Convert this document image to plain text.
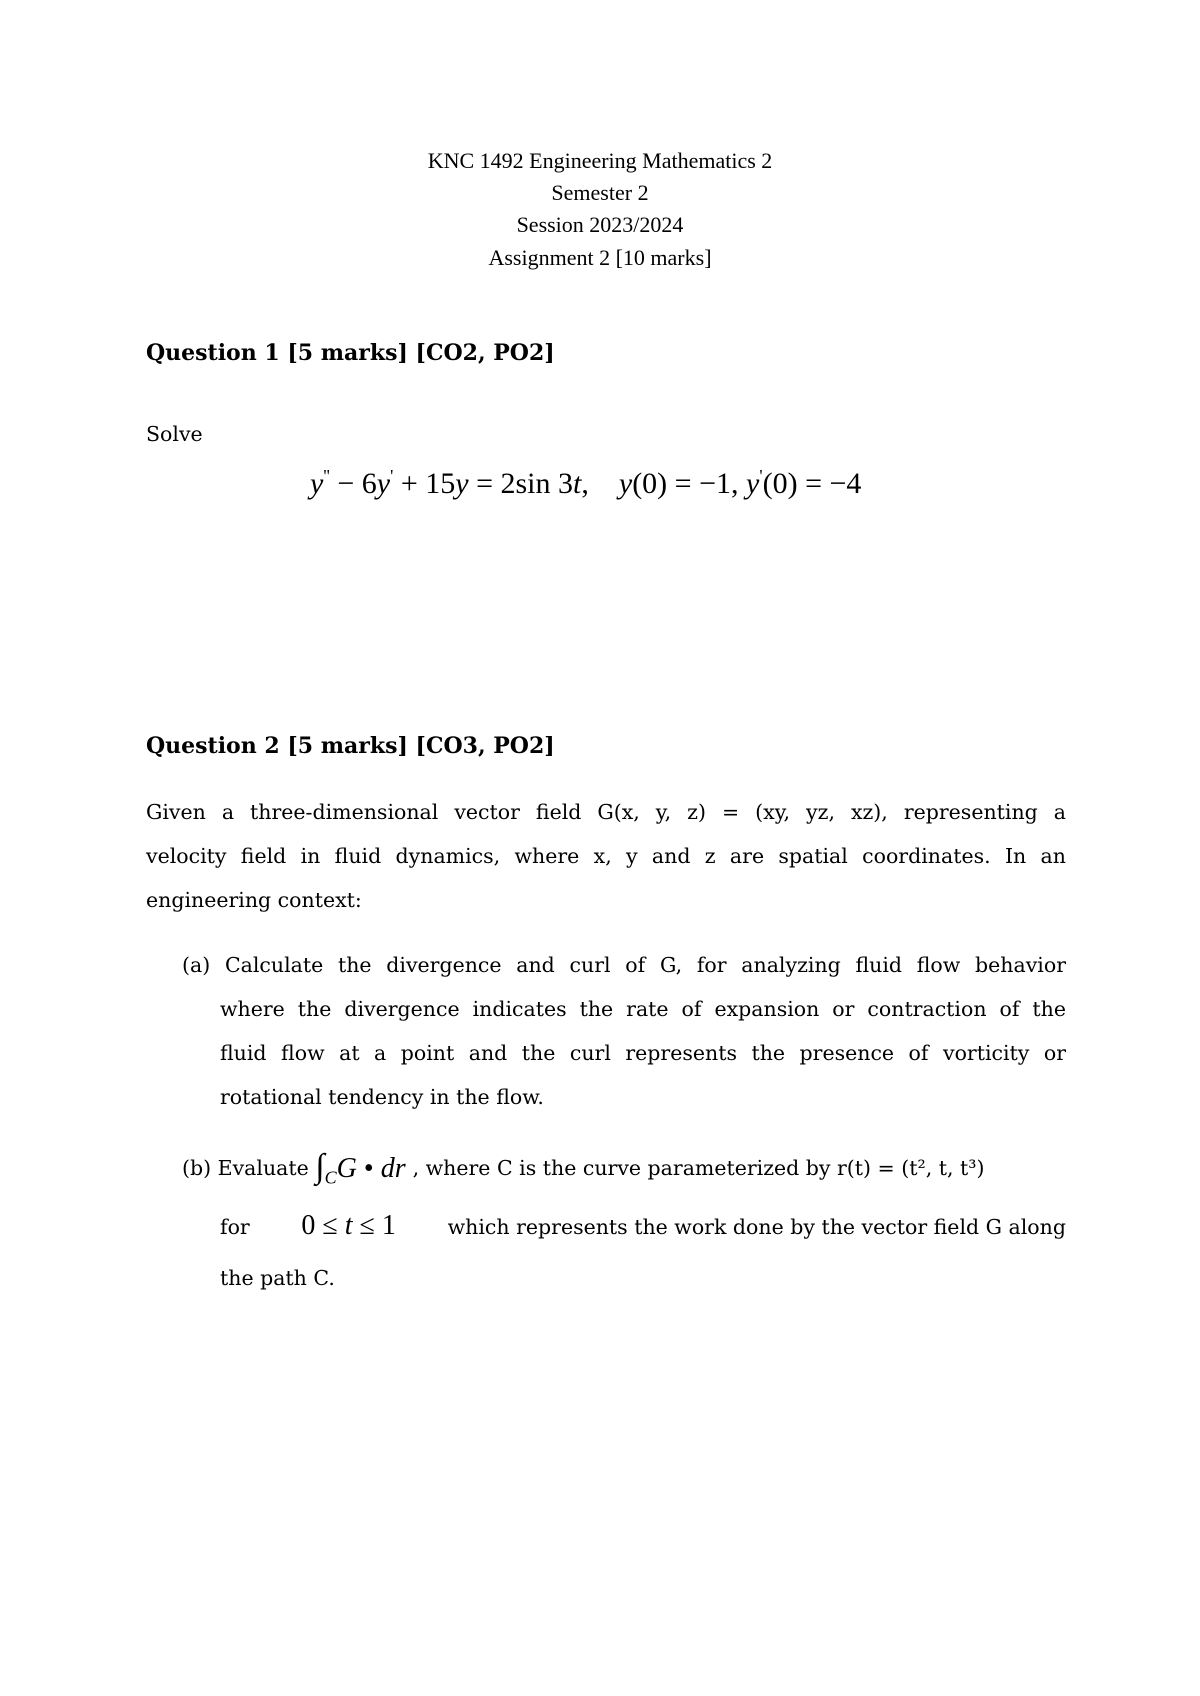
KNC 1492 Engineering Mathematics 2
Semester 2
Session 2023/2024
Assignment 2 [10 marks]
Question 1 [5 marks] [CO2, PO2]
Solve
y'' − 6y' + 15y = 2sin 3t,    y(0) = −1, y'(0) = −4
Question 2 [5 marks] [CO3, PO2]
Given a three-dimensional vector field G(x, y, z) = (xy, yz, xz), representing a
velocity field in fluid dynamics, where x, y and z are spatial coordinates. In an
engineering context:
(a) Calculate the divergence and curl of G, for analyzing fluid flow behavior
where the divergence indicates the rate of expansion or contraction of the
fluid flow at a point and the curl represents the presence of vorticity or
rotational tendency in the flow.
(b) Evaluate $\int_CG$ • dr , where C is the curve parameterized by r(t) = (t², t, t³)
for 0 ≤ t ≤ 1	which represents the work done by the vector field G along
the path C.
